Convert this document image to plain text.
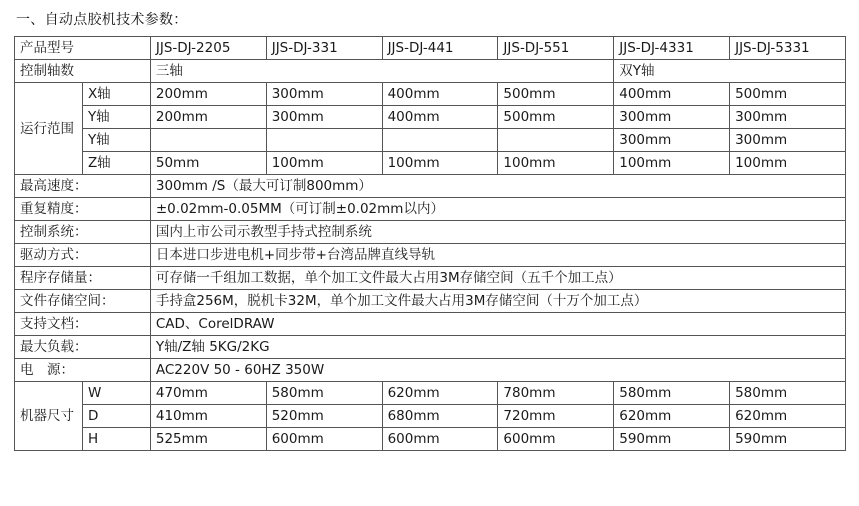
一、自动点胶机技术参数：
产品型号		JJS-DJ-2205	JJS-DJ-331	JJS-DJ-441	JJS-DJ-551	JJS-DJ-4331	JJS-DJ-5331
控制轴数		三轴				双Y轴	
运行范围	X轴	200mm	300mm	400mm	500mm	400mm	500mm
	Y轴	200mm	300mm	400mm	500mm	300mm	300mm
	Y轴					300mm	300mm
	Z轴	50mm	100mm	100mm	100mm	100mm	100mm
最高速度：		300mm /S（最大可订制800mm）					
重复精度：		±0.02mm-0.05MM（可订制±0.02mm以内）					
控制系统：		国内上市公司示教型手持式控制系统					
驱动方式：		日本进口步进电机+同步带+台湾品牌直线导轨					
程序存储量：		可存储一千组加工数据，单个加工文件最大占用3M存储空间（五千个加工点）					
文件存储空间：		手持盒256M，脱机卡32M，单个加工文件最大占用3M存储空间（十万个加工点）					
支持文档：		CAD、CorelDRAW					
最大负载：		Y轴/Z轴 5KG/2KG					
电　源：		AC220V 50 - 60HZ 350W					
机器尺寸	W	470mm	580mm	620mm	780mm	580mm	580mm
	D	410mm	520mm	680mm	720mm	620mm	620mm
	H	525mm	600mm	600mm	600mm	590mm	590mm
